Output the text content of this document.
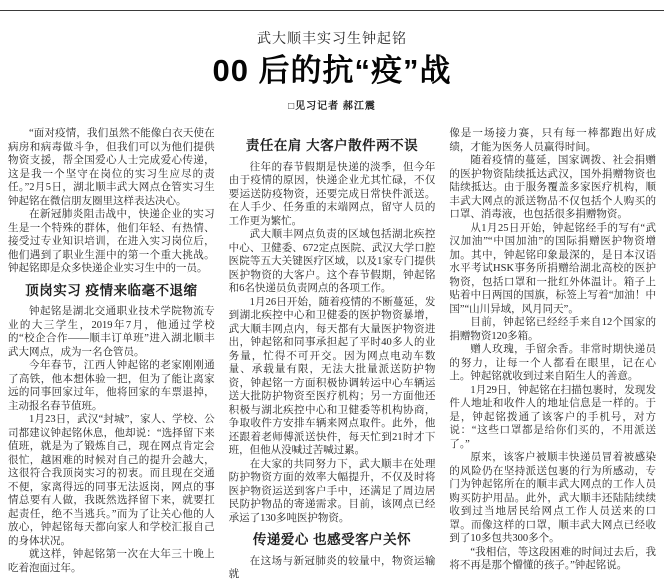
武大顺丰实习生钟起铭
00 后的抗“疫”战
□见习记者 郝江震

“面对疫情，我们虽然不能像白衣天使在病房和病毒做斗争，但我们可以为他们提供物资支援，帮全国爱心人士完成爱心传递，这是我一个坚守在岗位的实习生应尽的责任。”2月5日，湖北顺丰武大网点仓管实习生钟起铭在微信朋友圈里这样表达决心。

在新冠肺炎阻击战中，快递企业的实习生是一个特殊的群体，他们年轻、有热情、接受过专业知识培训，在进入实习岗位后，他们遇到了职业生涯中的第一个重大挑战。钟起铭即是众多快递企业实习生中的一员。

顶岗实习 疫情来临毫不退缩

钟起铭是湖北交通职业技术学院物流专业的大三学生，2019年7月，他通过学校的“校企合作——顺丰订单班”进入湖北顺丰武大网点，成为一名仓管员。

今年春节，江西人钟起铭的老家刚刚通了高铁，他本想体验一把，但为了能让离家远的同事回家过年，他将回家的车票退掉，主动报名春节值班。

1月23日，武汉“封城”，家人、学校、公司都建议钟起铭休息，他却说：“选择留下来值班，就是为了锻炼自己，现在网点肯定会很忙，越困难的时候对自己的提升会越大，这很符合我顶岗实习的初衷。而且现在交通不便，家离得远的同事无法返岗，网点的事情总要有人做，我既然选择留下来，就要扛起责任，绝不当逃兵。”而为了让关心他的人放心，钟起铭每天都向家人和学校汇报自己的身体状况。

就这样，钟起铭第一次在大年三十晚上吃着泡面过年。

责任在肩 大客户散件两不误

往年的春节假期是快递的淡季，但今年由于疫情的原因，快递企业尤其忙碌，不仅要运送防疫物资，还要完成日常快件派送。在人手少、任务重的末端网点，留守人员的工作更为繁忙。

武大顺丰网点负责的区域包括湖北疾控中心、卫健委、672定点医院、武汉大学口腔医院等五大关键医疗区域，以及1家专门提供医护物资的大客户。这个春节假期，钟起铭和6名快递员负责网点的各项工作。

1月26日开始，随着疫情的不断蔓延，发到湖北疾控中心和卫健委的医护物资暴增，武大顺丰网点内，每天都有大量医护物资进出，钟起铭和同事承担起了平时40多人的业务量，忙得不可开交。因为网点电动车数量、承载量有限，无法大批量派送防护物资，钟起铭一方面积极协调转运中心车辆运送大批防护物资至医疗机构；另一方面他还积极与湖北疾控中心和卫健委等机构协商，争取收件方安排车辆来网点取件。此外，他还跟着老师傅派送快件，每天忙到21时才下班，但他从没喊过苦喊过累。

在大家的共同努力下，武大顺丰在处理防护物资方面的效率大幅提升，不仅及时将医护物资运送到客户手中，还满足了周边居民防护物品的寄递需求。目前，该网点已经承运了130多吨医护物资。

传递爱心 也感受客户关怀

在这场与新冠肺炎的较量中，物资运输就

像是一场接力赛，只有每一棒都跑出好成绩，才能为医务人员赢得时间。

随着疫情的蔓延，国家调拨、社会捐赠的医护物资陆续抵达武汉，国外捐赠物资也陆续抵达。由于服务覆盖多家医疗机构，顺丰武大网点的派送物品不仅包括个人购买的口罩、消毒液，也包括很多捐赠物资。

从1月25日开始，钟起铭经手的写有“武汉加油”“中国加油”的国际捐赠医护物资增加。其中，钟起铭印象最深的，是日本汉语水平考试HSK事务所捐赠给湖北高校的医护物资，包括口罩和一批红外体温计。箱子上贴着中日两国的国旗，标签上写着“加油！中国”“山川异域，风月同天”。

目前，钟起铭已经经手来自12个国家的捐赠物资120多箱。

赠人玫瑰，手留余香。非常时期快递员的努力，让每一个人都看在眼里，记在心上。钟起铭就收到过来自陌生人的善意。

1月29日，钟起铭在扫描包裹时，发现发件人地址和收件人的地址信息是一样的。于是，钟起铭拨通了该客户的手机号，对方说：“这些口罩都是给你们买的，不用派送了。”

原来，该客户被顺丰快递员冒着被感染的风险仍在坚持派送包裹的行为所感动，专门为钟起铭所在的顺丰武大网点的工作人员购买防护用品。此外，武大顺丰还陆陆续续收到过当地居民给网点工作人员送来的口罩。而像这样的口罩，顺丰武大网点已经收到了10多包共300多个。

“我相信，等这段困难的时间过去后，我将不再是那个懵懂的孩子。”钟起铭说。
